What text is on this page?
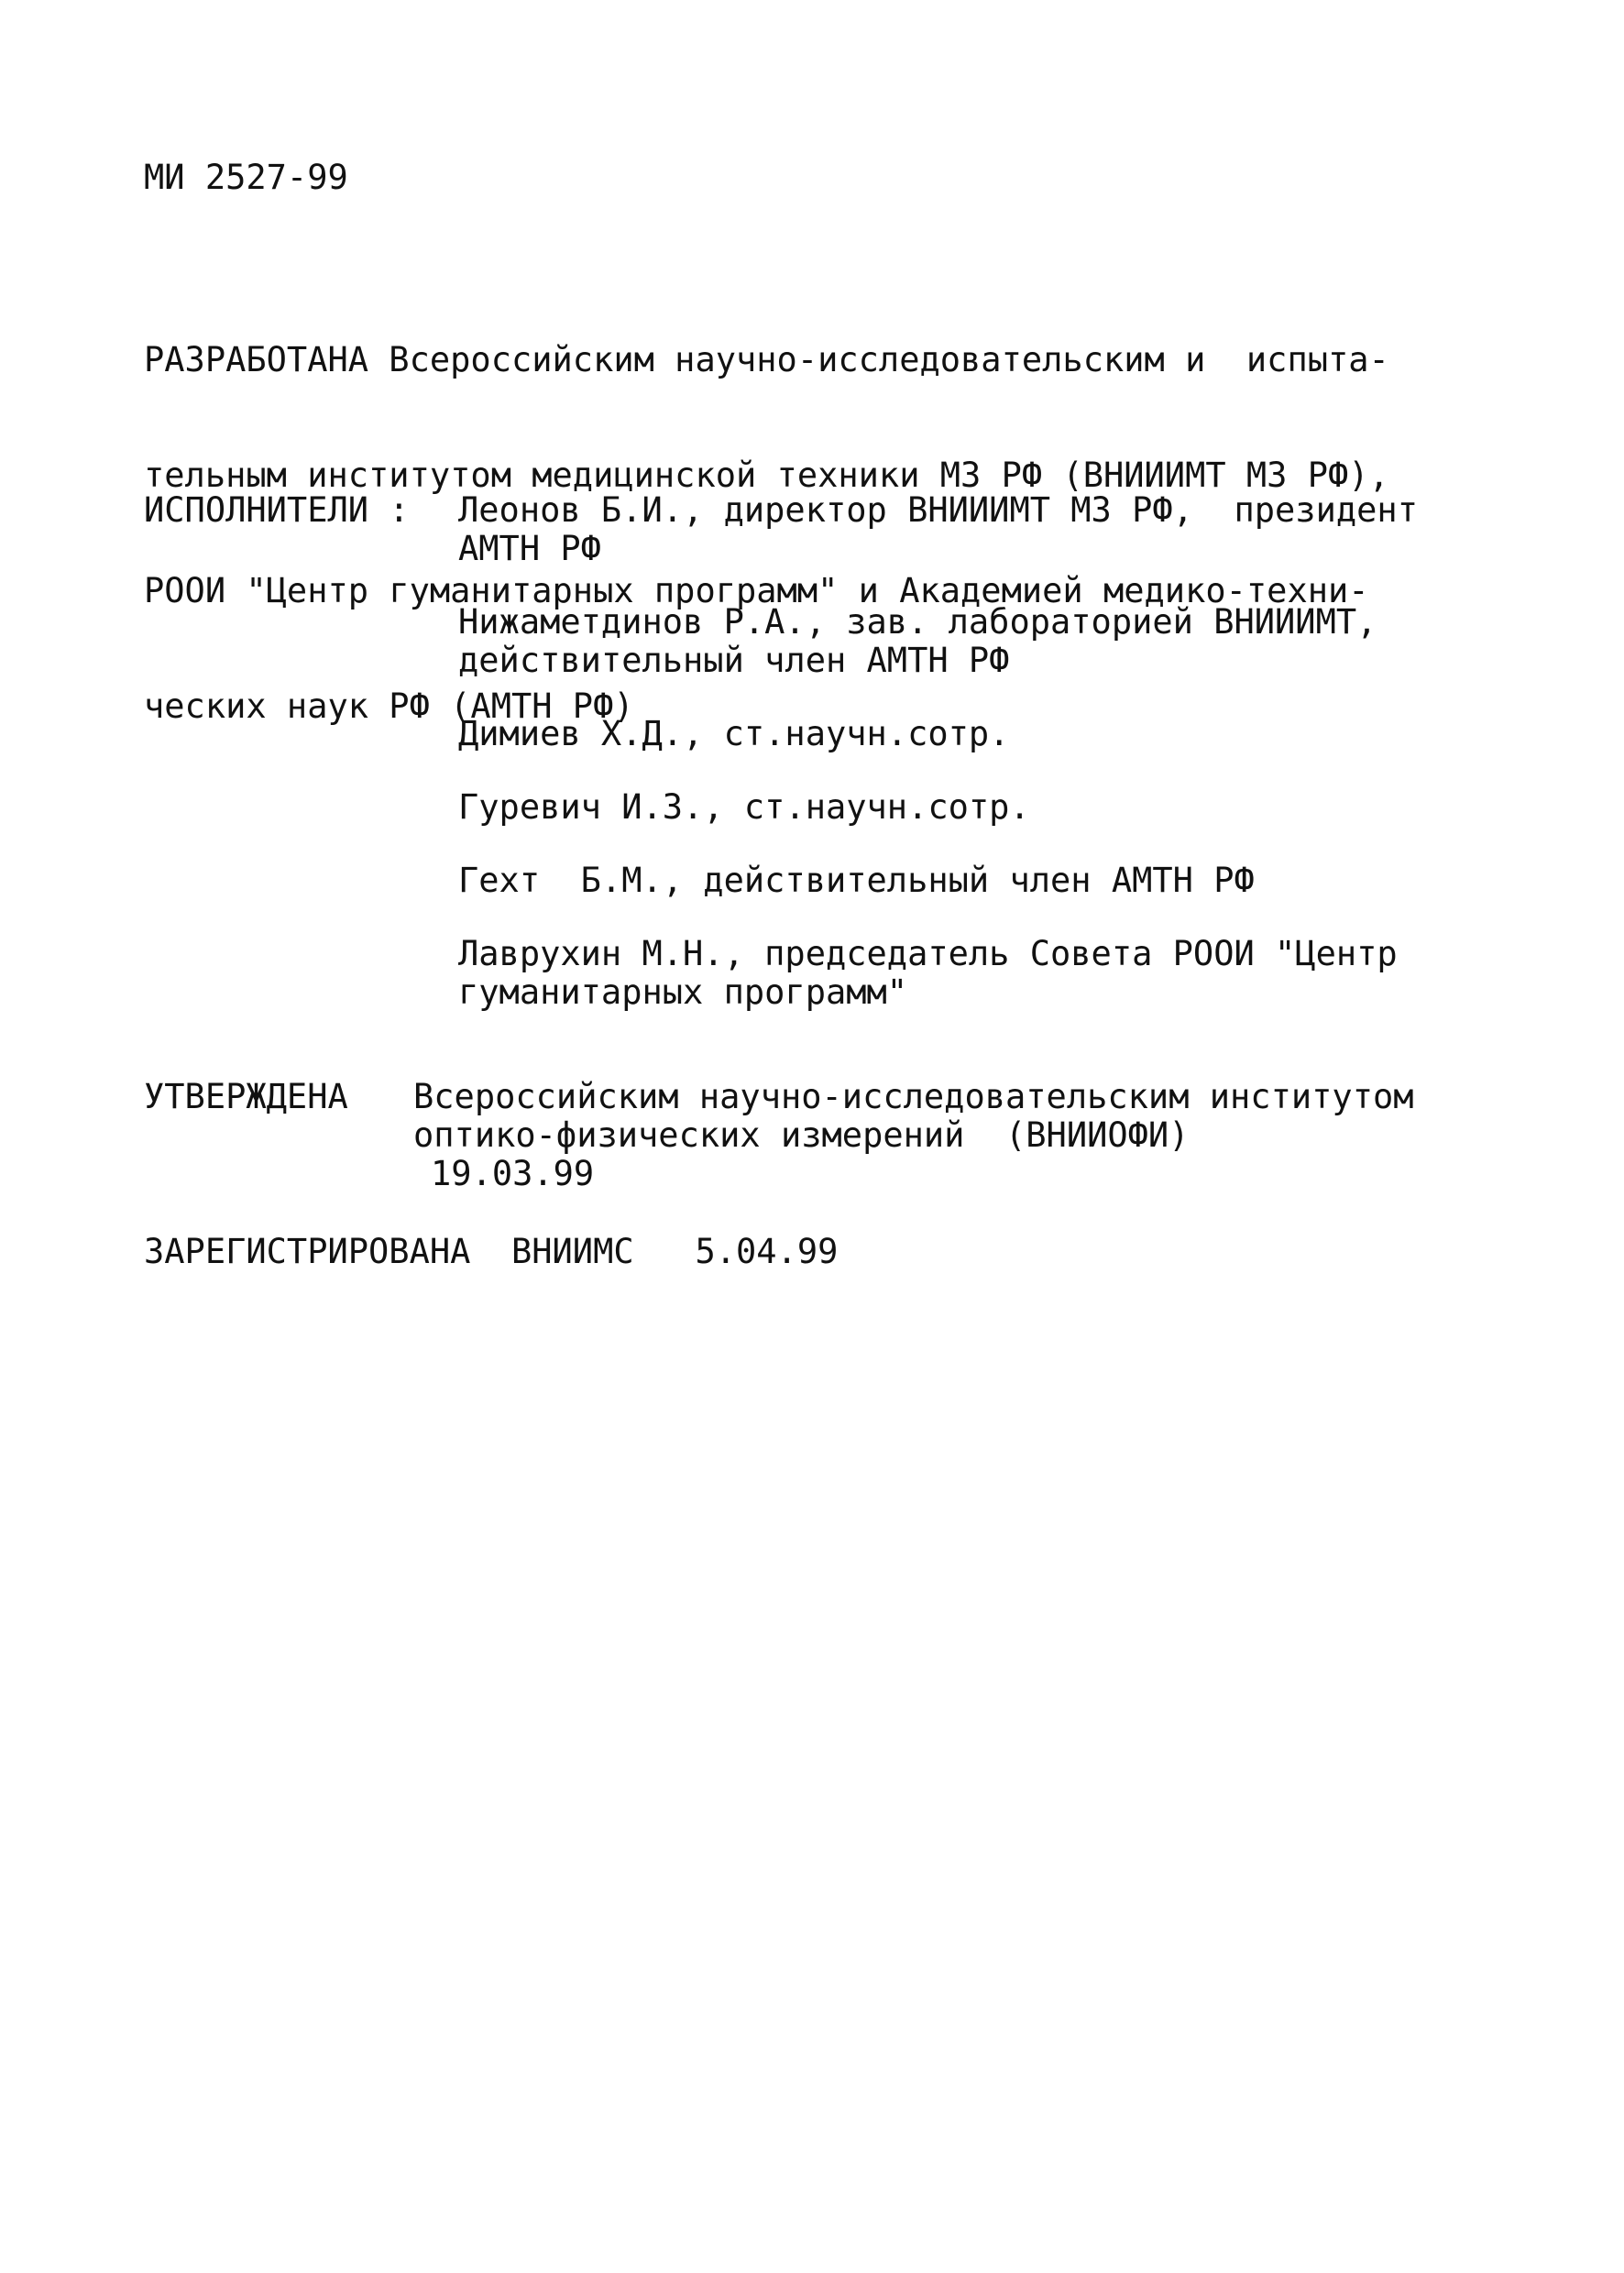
МИ 2527-99

РАЗРАБОТАНА Всероссийским научно-исследовательским и  испыта-

тельным институтом медицинской техники МЗ РФ (ВНИИИМТ МЗ РФ),

РООИ "Центр гуманитарных программ" и Академией медико-техни-

ческих наук РФ (АМТН РФ)

ИСПОЛНИТЕЛИ : Леонов Б.И., директор ВНИИИМТ МЗ РФ,  президент
АМТН РФ
Нижаметдинов Р.А., зав. лабораторией ВНИИИМТ,
действительный член АМТН РФ
Димиев Х.Д., ст.научн.сотр.
Гуревич И.З., ст.научн.сотр.
Гехт  Б.М., действительный член АМТН РФ
Лаврухин М.Н., председатель Совета РООИ "Центр
гуманитарных программ"
УТВЕРЖДЕНА Всероссийским научно-исследовательским институтом
оптико-физических измерений  (ВНИИОФИ)
19.03.99
ЗАРЕГИСТРИРОВАНА  ВНИИМС   5.04.99
